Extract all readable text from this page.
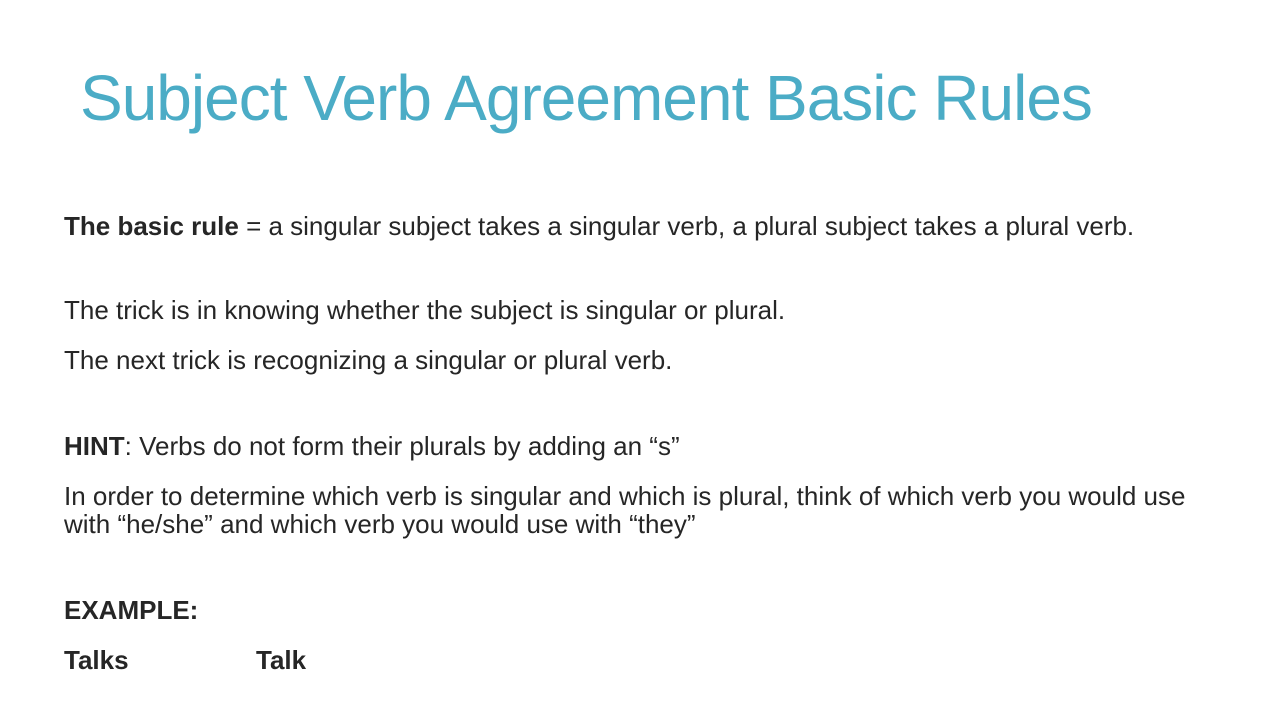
Subject Verb Agreement Basic Rules

The basic rule = a singular subject takes a singular verb, a plural subject takes a plural verb.

The trick is in knowing whether the subject is singular or plural.

The next trick is recognizing a singular or plural verb.

HINT: Verbs do not form their plurals by adding an “s”

In order to determine which verb is singular and which is plural, think of which verb you would use with “he/she” and which verb you would use with “they”

EXAMPLE:

Talks	Talk
